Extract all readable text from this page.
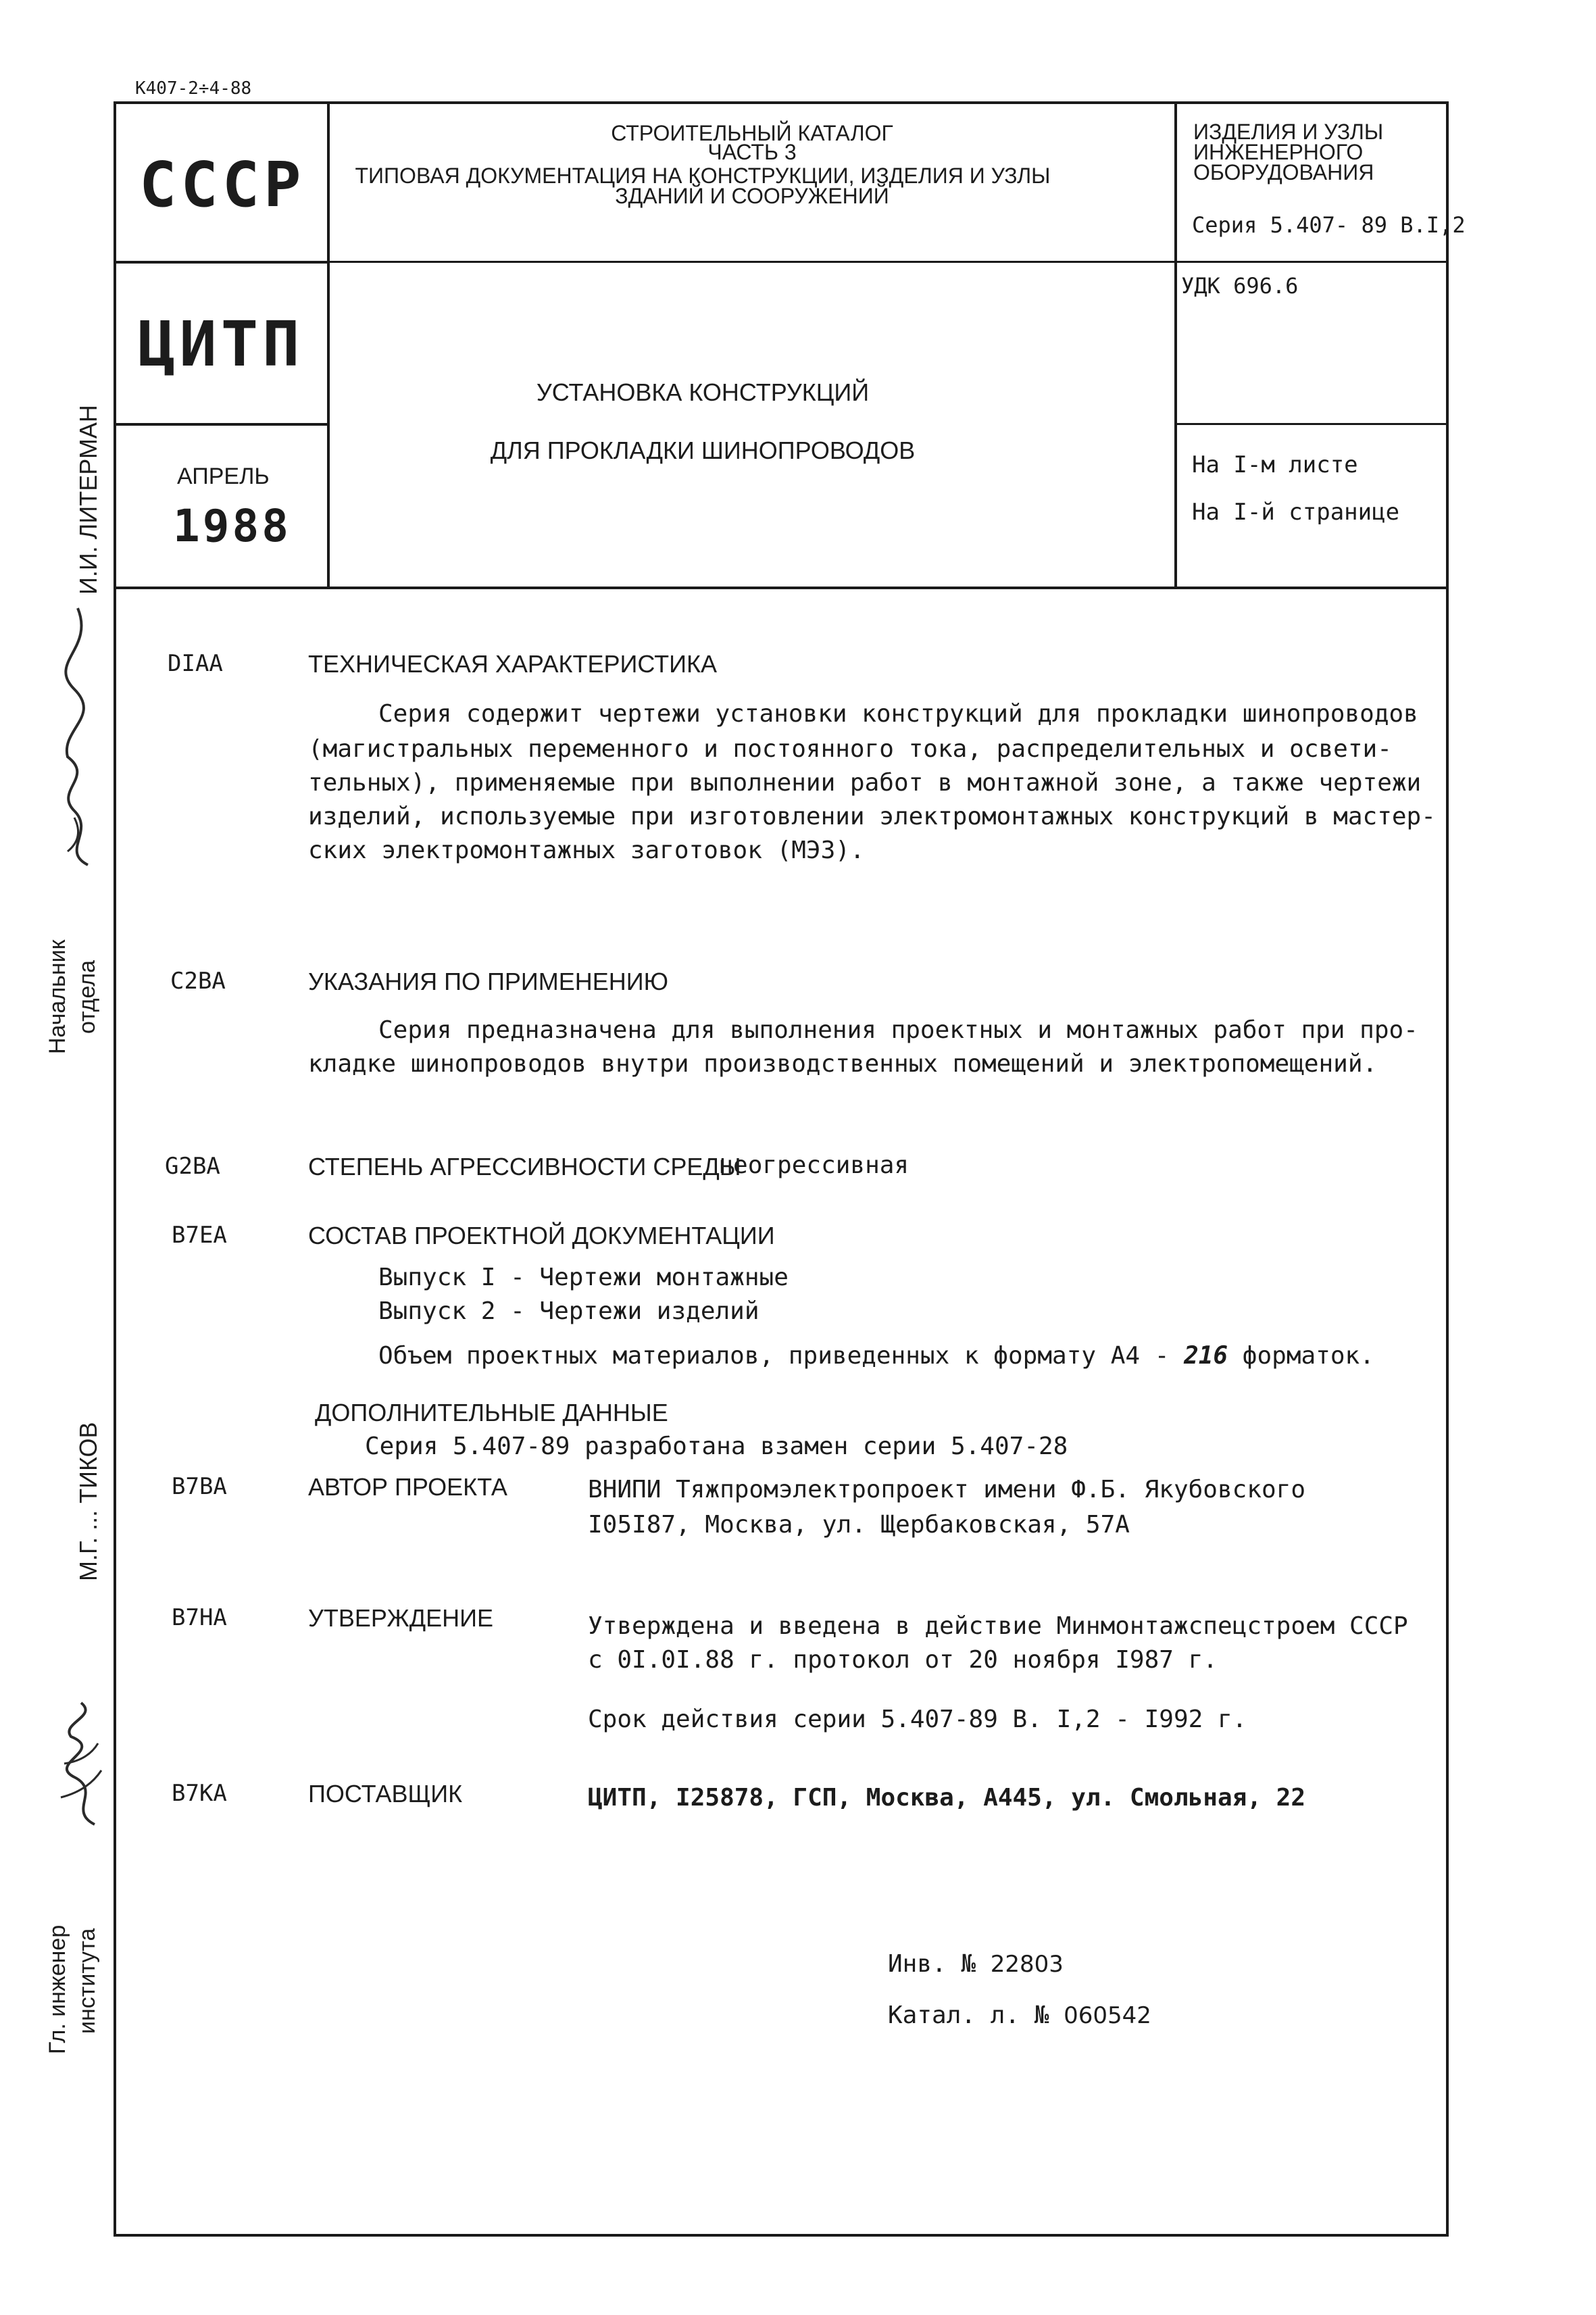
К407-2÷4-88
СССР
ЦИТП
АПРЕЛЬ
1988
СТРОИТЕЛЬНЫЙ КАТАЛОГ
ЧАСТЬ 3
ТИПОВАЯ ДОКУМЕНТАЦИЯ НА КОНСТРУКЦИИ, ИЗДЕЛИЯ И УЗЛЫ
ЗДАНИЙ И СООРУЖЕНИЙ
УСТАНОВКА КОНСТРУКЦИЙ
ДЛЯ ПРОКЛАДКИ ШИНОПРОВОДОВ
ИЗДЕЛИЯ И УЗЛЫ
ИНЖЕНЕРНОГО
ОБОРУДОВАНИЯ
Серия 5.407- 89 В.I,2
УДК 696.6
На I-м листе
На I-й странице
И.И. ЛИТЕРМАН
Начальник отдела
М.Г. ... ТИКОВ
Гл. инженер института
DIAA	ТЕХНИЧЕСКАЯ ХАРАКТЕРИСТИКА
Серия содержит чертежи установки конструкций для прокладки шинопроводов
(магистральных переменного и постоянного тока, распределительных и освети-
тельных), применяемые при выполнении работ в монтажной зоне, а также чертежи
изделий, используемые при изготовлении электромонтажных конструкций в мастер-
ских электромонтажных заготовок (МЭЗ).
C2ВА	УКАЗАНИЯ ПО ПРИМЕНЕНИЮ
Серия предназначена для выполнения проектных и монтажных работ при про-
кладке шинопроводов внутри производственных помещений и электропомещений.
G2ВА	СТЕПЕНЬ АГРЕССИВНОСТИ СРЕДЫ
- неогрессивная
В7ЕА	СОСТАВ ПРОЕКТНОЙ ДОКУМЕНТАЦИИ
Выпуск I - Чертежи монтажные
Выпуск 2 - Чертежи изделий
Объем проектных материалов, приведенных к формату А4 - 216 форматок.
ДОПОЛНИТЕЛЬНЫЕ ДАННЫЕ
Серия 5.407-89 разработана взамен серии 5.407-28
В7ВА	АВТОР ПРОЕКТА	ВНИПИ Тяжпромэлектропроект имени Ф.Б. Якубовского
I05I87, Москва, ул. Щербаковская, 57А
В7НА	УТВЕРЖДЕНИЕ	Утверждена и введена в действие Минмонтажспецстроем СССР
с 0I.0I.88 г. протокол от 20 ноября I987 г.
Срок действия серии 5.407-89 В. I,2 - I992 г.
В7КА	ПОСТАВЩИК	ЦИТП, I25878, ГСП, Москва, А445, ул. Смольная, 22
Инв. № 22803
Катал. л. № 060542
